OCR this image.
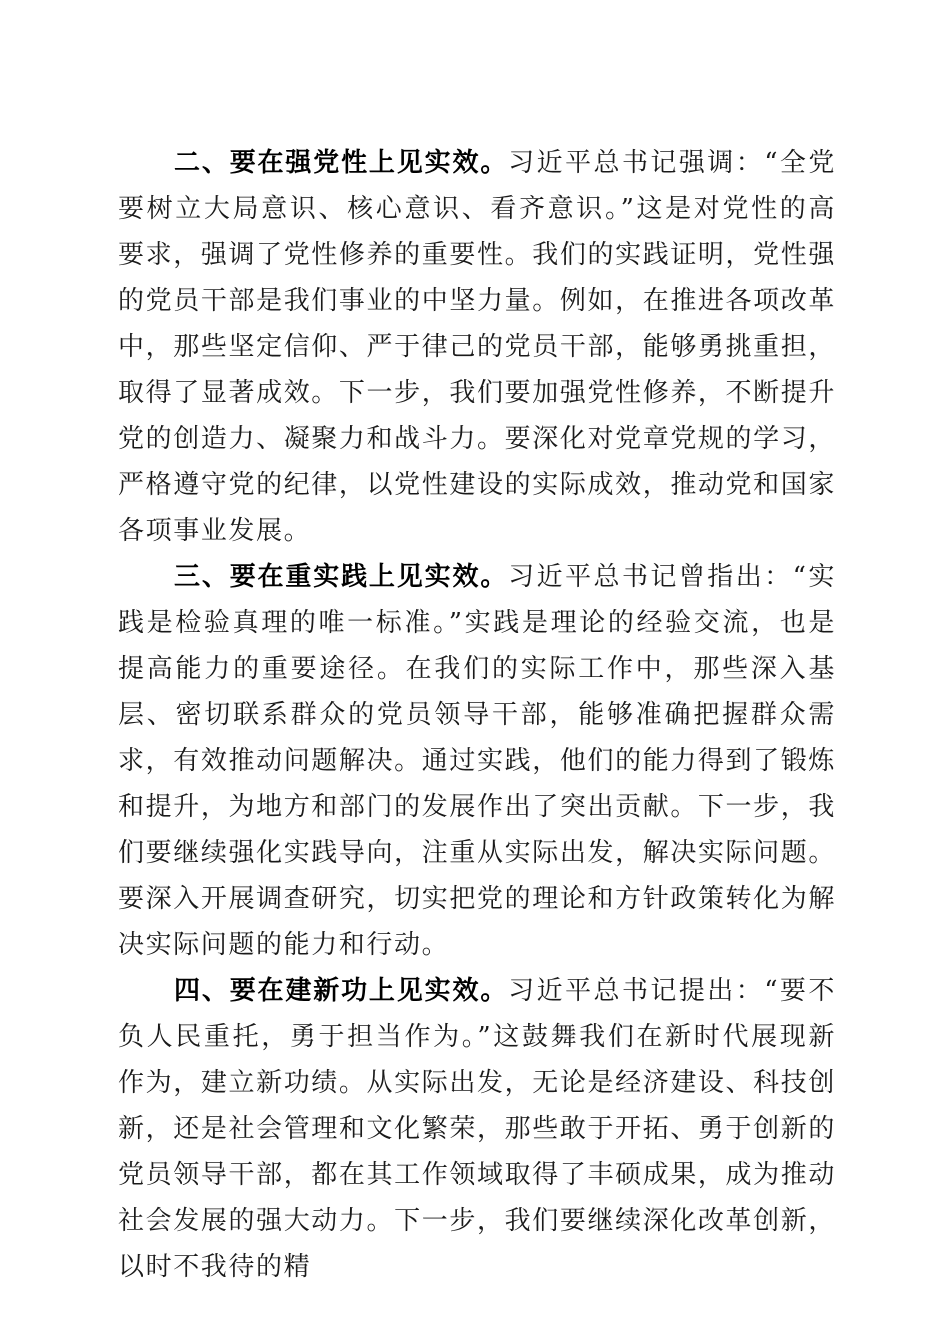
二、要在强党性上见实效。习近平总书记强调：“全党要树立大局意识、核心意识、看齐意识。”这是对党性的高要求，强调了党性修养的重要性。我们的实践证明，党性强的党员干部是我们事业的中坚力量。例如，在推进各项改革中，那些坚定信仰、严于律己的党员干部，能够勇挑重担，取得了显著成效。下一步，我们要加强党性修养，不断提升党的创造力、凝聚力和战斗力。要深化对党章党规的学习，严格遵守党的纪律，以党性建设的实际成效，推动党和国家各项事业发展。

三、要在重实践上见实效。习近平总书记曾指出：“实践是检验真理的唯一标准。”实践是理论的经验交流，也是提高能力的重要途径。在我们的实际工作中，那些深入基层、密切联系群众的党员领导干部，能够准确把握群众需求，有效推动问题解决。通过实践，他们的能力得到了锻炼和提升，为地方和部门的发展作出了突出贡献。下一步，我们要继续强化实践导向，注重从实际出发，解决实际问题。要深入开展调查研究，切实把党的理论和方针政策转化为解决实际问题的能力和行动。

四、要在建新功上见实效。习近平总书记提出：“要不负人民重托，勇于担当作为。”这鼓舞我们在新时代展现新作为，建立新功绩。从实际出发，无论是经济建设、科技创新，还是社会管理和文化繁荣，那些敢于开拓、勇于创新的党员领导干部，都在其工作领域取得了丰硕成果，成为推动社会发展的强大动力。下一步，我们要继续深化改革创新，以时不我待的精
